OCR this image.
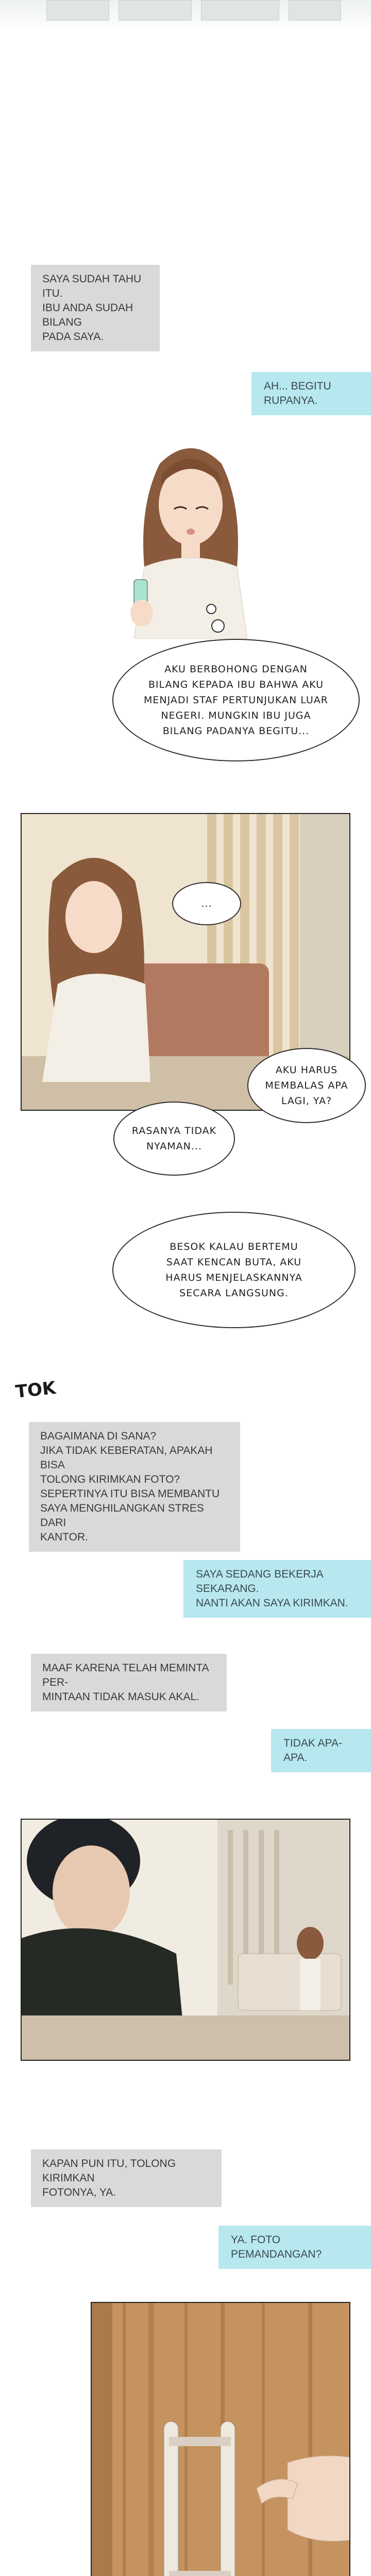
SAYA SUDAH TAHU ITU.
IBU ANDA SUDAH BILANG
PADA SAYA.
AH... BEGITU RUPANYA.
AKU BERBOHONG DENGAN
BILANG KEPADA IBU BAHWA AKU
MENJADI STAF PERTUNJUKAN LUAR
NEGERI. MUNGKIN IBU JUGA
BILANG PADANYA BEGITU...
...
AKU HARUS
MEMBALAS APA
LAGI, YA?
RASANYA TIDAK
NYAMAN...
BESOK KALAU BERTEMU
SAAT KENCAN BUTA, AKU
HARUS MENJELASKANNYA
SECARA LANGSUNG.
TOK
BAGAIMANA DI SANA?
JIKA TIDAK KEBERATAN, APAKAH BISA
TOLONG KIRIMKAN FOTO?
SEPERTINYA ITU BISA MEMBANTU
SAYA MENGHILANGKAN STRES DARI
KANTOR.
SAYA SEDANG BEKERJA SEKARANG.
NANTI AKAN SAYA KIRIMKAN.
MAAF KARENA TELAH MEMINTA PER-
MINTAAN TIDAK MASUK AKAL.
TIDAK APA-APA.
KAPAN PUN ITU, TOLONG KIRIMKAN
FOTONYA, YA.
YA. FOTO PEMANDANGAN?
